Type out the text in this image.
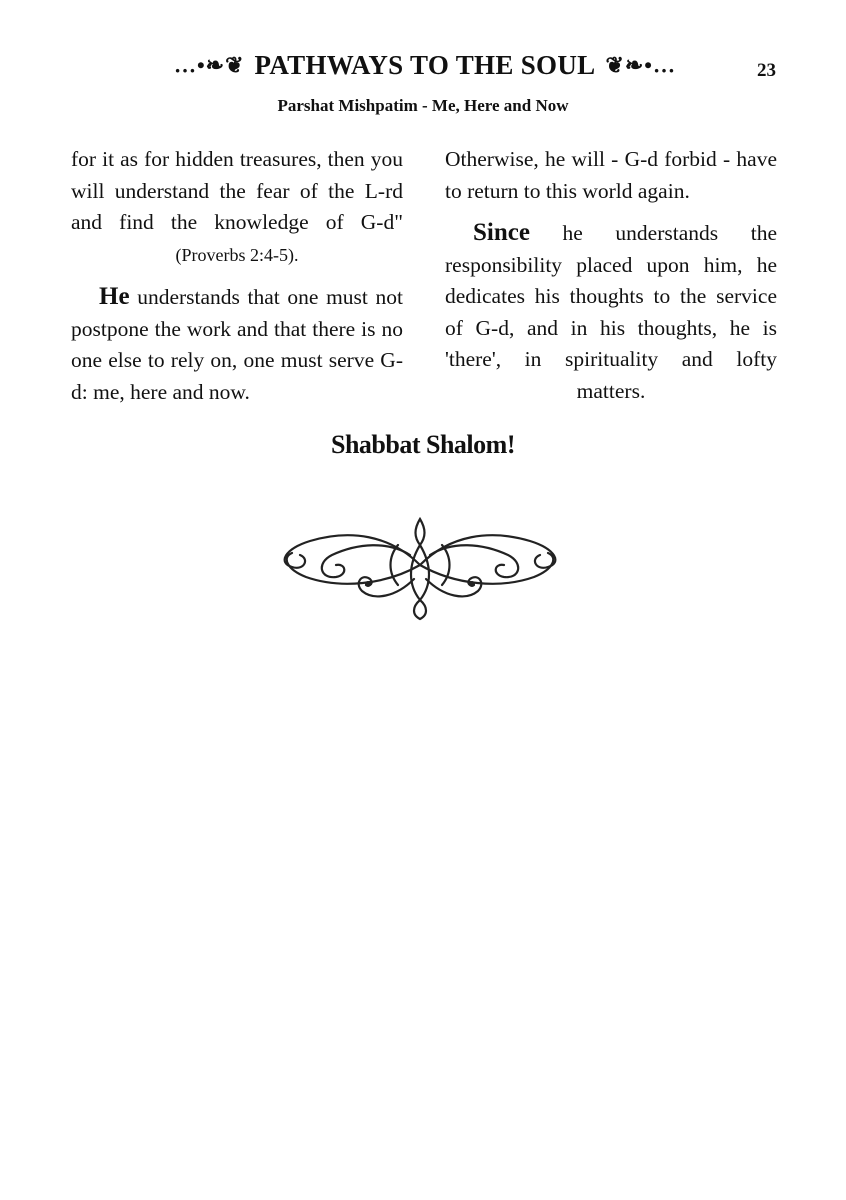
…•❧❦ PATHWAYS TO THE SOUL ❦❧•…	23
Parshat Mishpatim - Me, Here and Now

for it as for hidden treasures, then you will understand the fear of the L-rd and find the knowledge of G-d" (Proverbs 2:4-5).

He understands that one must not postpone the work and that there is no one else to rely on, one must serve G-d: me, here and now.

Otherwise, he will - G-d forbid - have to return to this world again.

Since he understands the responsibility placed upon him, he dedicates his thoughts to the service of G-d, and in his thoughts, he is 'there', in spirituality and lofty matters.

Shabbat Shalom!
